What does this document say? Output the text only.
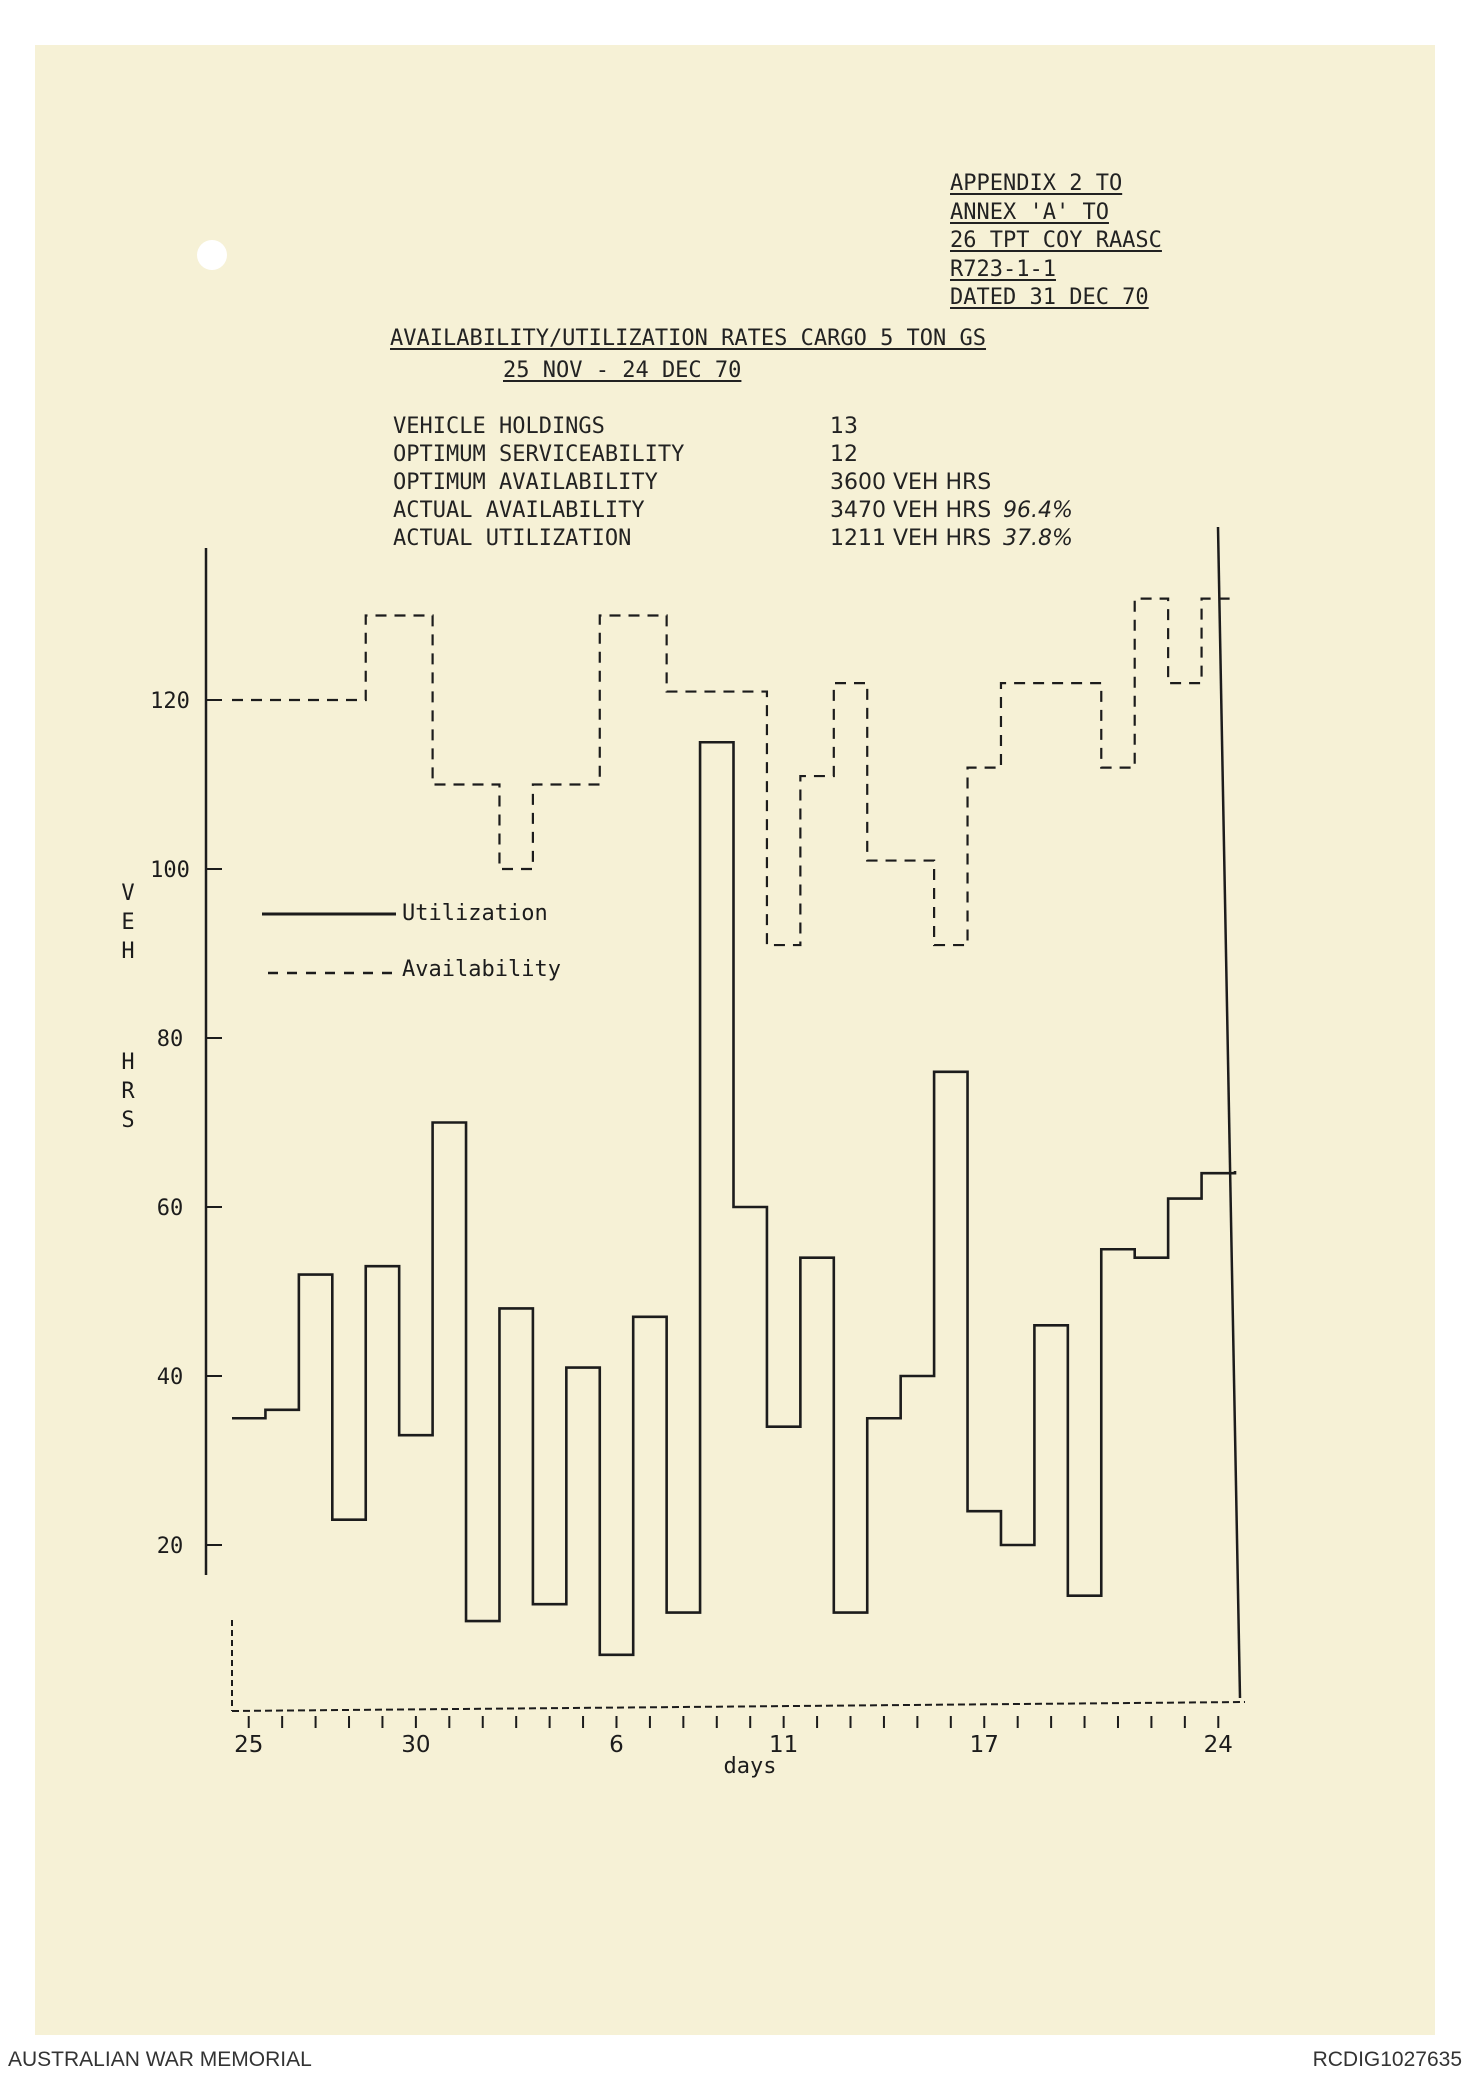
APPENDIX 2 TO
ANNEX 'A' TO
26 TPT COY RAASC
R723-1-1
DATED 31 DEC 70
AVAILABILITY/UTILIZATION RATES CARGO 5 TON GS
25 NOV - 24 DEC 70
VEHICLE HOLDINGS	13
OPTIMUM SERVICEABILITY	12
OPTIMUM AVAILABILITY	3600 VEH HRS
ACTUAL AVAILABILITY	3470 VEH HRS 96.4%
ACTUAL UTILIZATION	1211 VEH HRS 37.8%
20
40
60
80
100
120
25	30	6	11	17	24
Utilization
Availability
days
V
E
H
H
R
S
AUSTRALIAN WAR MEMORIAL	RCDIG1027635
